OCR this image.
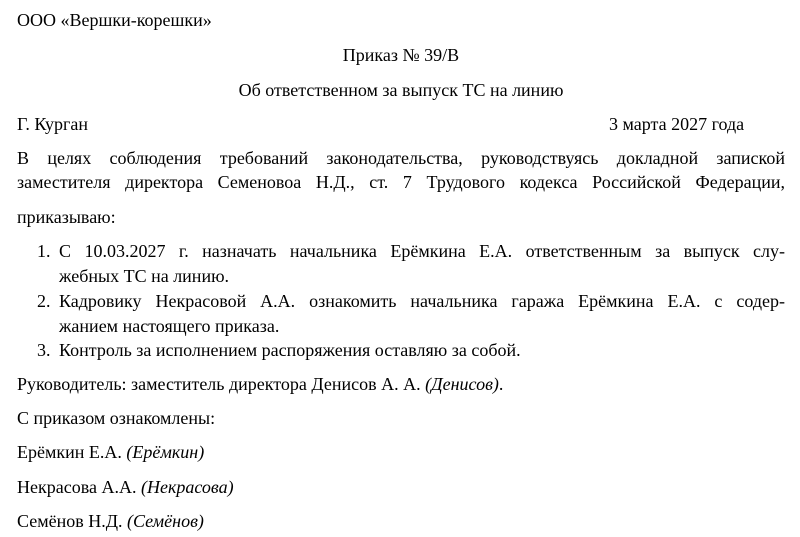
ООО «Вершки-корешки»
Приказ № 39/В
Об ответственном за выпуск ТС на линию
Г. Курган	3 марта 2027 года
В целях соблюдения требований законодательства, руководствуясь докладной запиской
заместителя директора Семеновоа Н.Д., ст. 7 Трудового кодекса Российской Федерации,
приказываю:
1. С 10.03.2027 г. назначать начальника Ерёмкина Е.А. ответственным за выпуск слу-
жебных ТС на линию.
2. Кадровику Некрасовой А.А. ознакомить начальника гаража Ерёмкина Е.А. с содер-
жанием настоящего приказа.
3. Контроль за исполнением распоряжения оставляю за собой.
Руководитель: заместитель директора Денисов А. А. (Денисов).
С приказом ознакомлены:
Ерёмкин Е.А. (Ерёмкин)
Некрасова А.А. (Некрасова)
Семёнов Н.Д. (Семёнов)
